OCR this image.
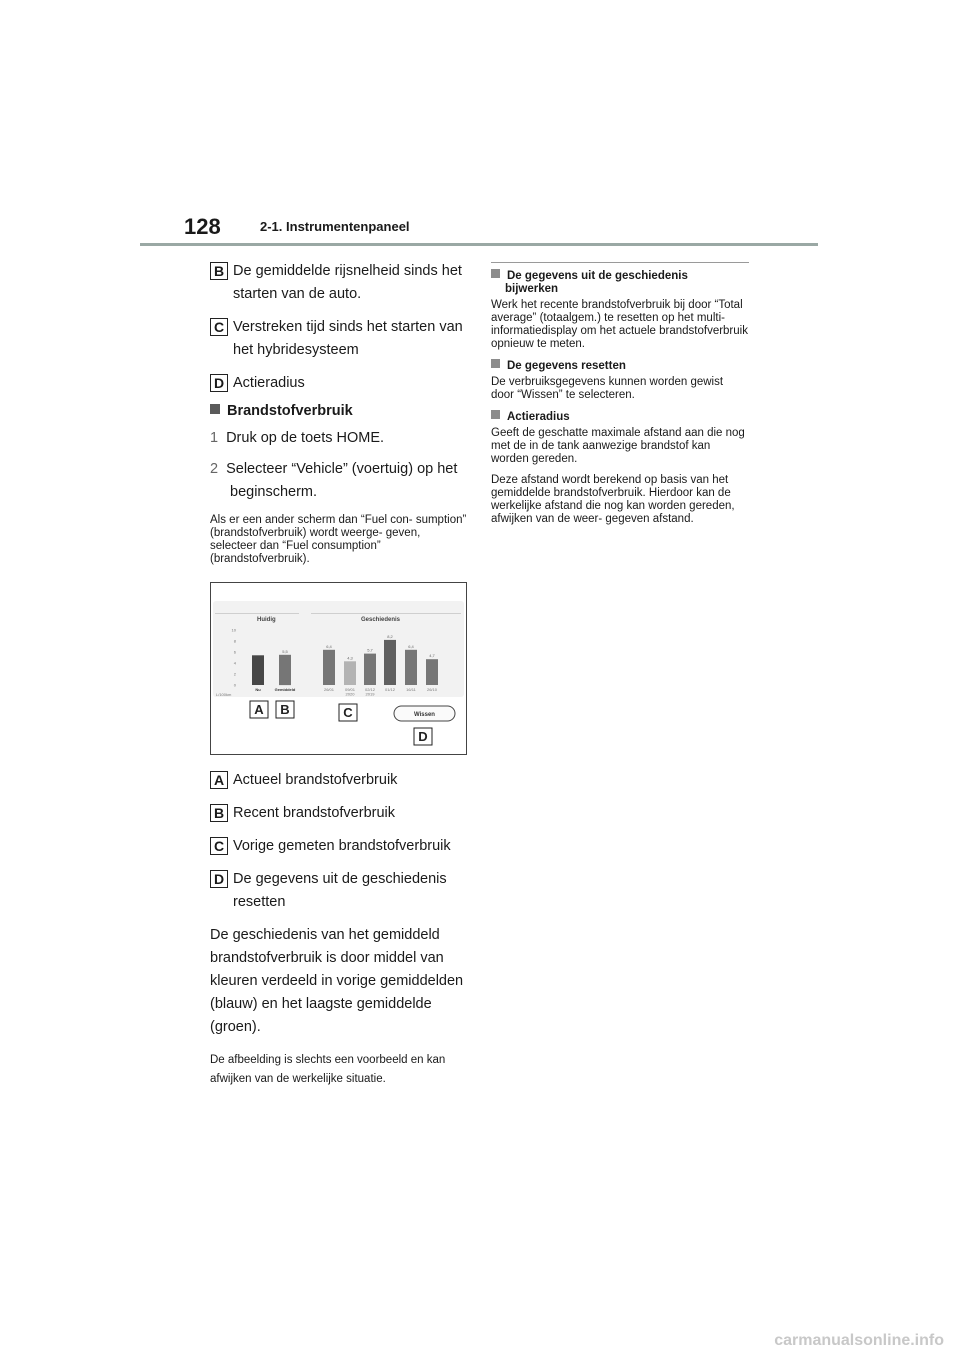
128	2-1. Instrumentenpaneel
B De gemiddelde rijsnelheid sinds het
starten van de auto.
C Verstreken tijd sinds het starten van
het hybridesysteem
D Actieradius
Brandstofverbruik
1 Druk op de toets HOME.
2 Selecteer “Vehicle” (voertuig) op het
beginscherm.
Als er een ander scherm dan “Fuel con- sumption” (brandstofverbruik) wordt weerge- geven, selecteer dan “Fuel consumption” (brandstofverbruik).
Huidig	Geschiedenis
10
8
6
4
2
0
Nu
5,5
Gemiddeld
6,4
26/01
4,3
09/01
2020
5,7
02/12
2019
8,2
01/12
6,4
16/11
4,7
26/10
L/100km
Wissen
A B	C
D
A Actueel brandstofverbruik
B Recent brandstofverbruik
C Vorige gemeten brandstofverbruik
D De gegevens uit de geschiedenis
resetten
De geschiedenis van het gemiddeld brandstofverbruik is door middel van kleuren verdeeld in vorige gemiddelden (blauw) en het laagste gemiddelde (groen).
De afbeelding is slechts een voorbeeld en kan afwijken van de werkelijke situatie.
De gegevens uit de geschiedenis
bijwerken
Werk het recente brandstofverbruik bij door “Total average” (totaalgem.) te resetten op het multi-informatiedisplay om het actuele brandstofverbruik opnieuw te meten.
De gegevens resetten
De verbruiksgegevens kunnen worden gewist door “Wissen” te selecteren.
Actieradius
Geeft de geschatte maximale afstand aan die nog met de in de tank aanwezige brandstof kan worden gereden.
Deze afstand wordt berekend op basis van het gemiddelde brandstofverbruik. Hierdoor kan de werkelijke afstand die nog kan worden gereden, afwijken van de weer- gegeven afstand.
carmanualsonline.info
